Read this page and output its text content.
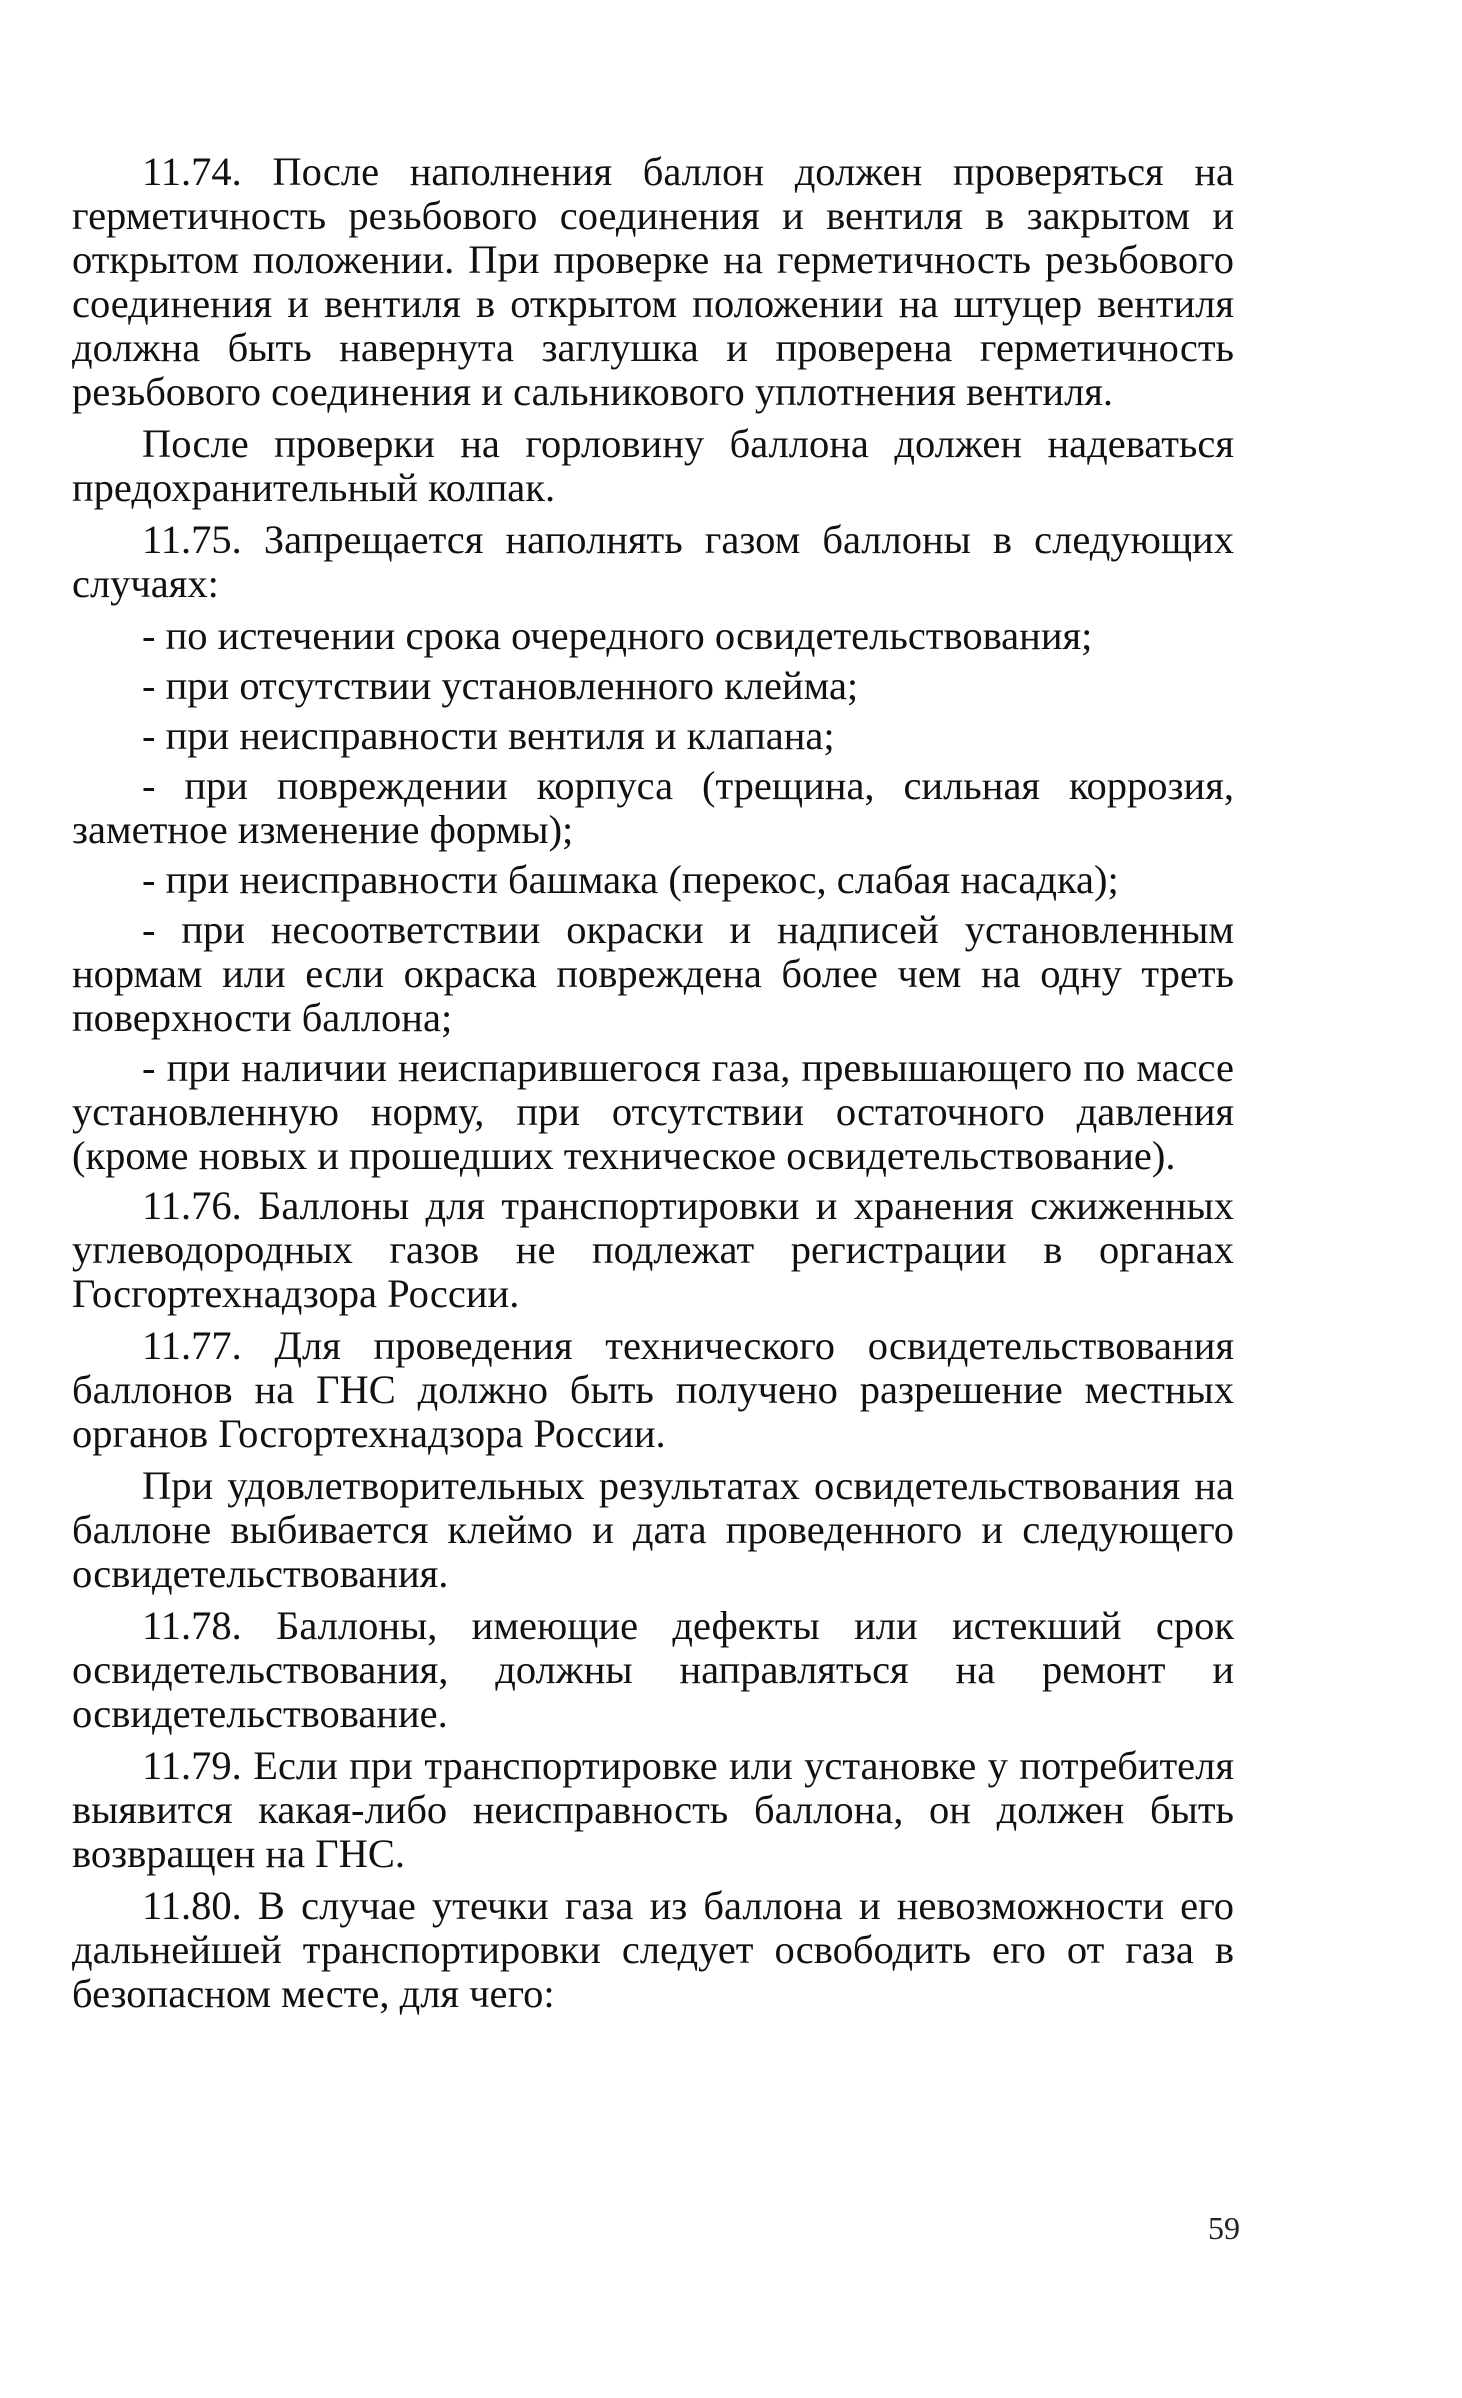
11.74. После наполнения баллон должен проверяться на герметичность резьбового соединения и вентиля в закрытом и открытом положении. При проверке на герметичность резьбового соединения и вентиля в открытом положении на штуцер вентиля должна быть навернута заглушка и проверена герметичность резьбового соединения и сальникового уплотнения вентиля.

После проверки на горловину баллона должен надеваться предохранительный колпак.

11.75. Запрещается наполнять газом баллоны в следующих случаях:

- по истечении срока очередного освидетельствования;

- при отсутствии установленного клейма;

- при неисправности вентиля и клапана;

- при повреждении корпуса (трещина, сильная коррозия, заметное изменение формы);

- при неисправности башмака (перекос, слабая насадка);

- при несоответствии окраски и надписей установленным нормам или если окраска повреждена более чем на одну треть поверхности баллона;

- при наличии неиспарившегося газа, превышающего по массе установленную норму, при отсутствии остаточного давления (кроме новых и прошедших техническое освидетельствование).

11.76. Баллоны для транспортировки и хранения сжиженных углеводородных газов не подлежат регистрации в органах Госгортехнадзора России.

11.77. Для проведения технического освидетельствования баллонов на ГНС должно быть получено разрешение местных органов Госгортехнадзора России.

При удовлетворительных результатах освидетельствования на баллоне выбивается клеймо и дата проведенного и следующего освидетельствования.

11.78. Баллоны, имеющие дефекты или истекший срок освидетельствования, должны направляться на ремонт и освидетельствование.

11.79. Если при транспортировке или установке у потребителя выявится какая-либо неисправность баллона, он должен быть возвращен на ГНС.

11.80. В случае утечки газа из баллона и невозможности его дальнейшей транспортировки следует освободить его от газа в безопасном месте, для чего:

59
